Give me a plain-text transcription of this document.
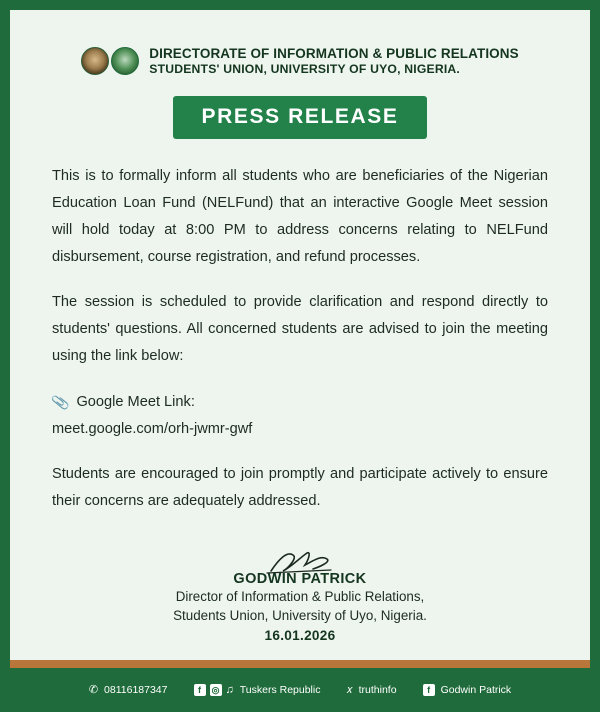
DIRECTORATE OF INFORMATION & PUBLIC RELATIONS
STUDENTS' UNION, UNIVERSITY OF UYO, NIGERIA.
PRESS RELEASE

This is to formally inform all students who are beneficiaries of the Nigerian Education Loan Fund (NELFund) that an interactive Google Meet session will hold today at 8:00 PM to address concerns relating to NELFund disbursement, course registration, and refund processes.

The session is scheduled to provide clarification and respond directly to students' questions. All concerned students are advised to join the meeting using the link below:

📎 Google Meet Link:
meet.google.com/orh-jwmr-gwf

Students are encouraged to join promptly and participate actively to ensure their concerns are adequately addressed.

GODWIN PATRICK
Director of Information & Public Relations,
Students Union, University of Uyo, Nigeria.
16.01.2026
✆ 08116187347	f	◎ ♫ Tuskers Republic 𝑥 truthinfo	f	Godwin Patrick
